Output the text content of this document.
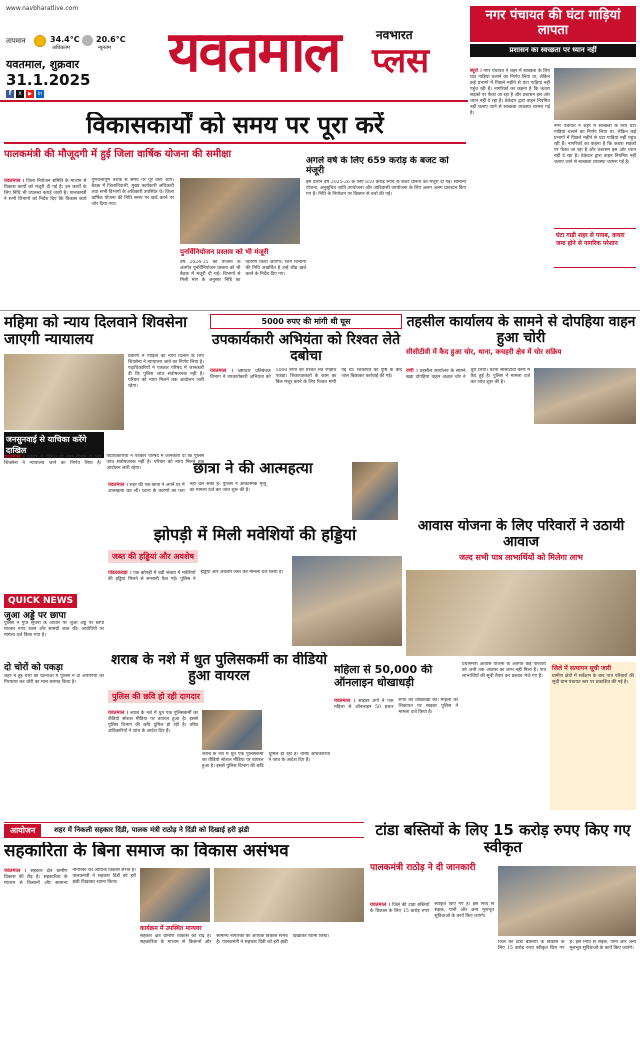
www.navbharatlive.com
तापमान	34.4°C
अधिकतम
20.6°C
न्यूनतम
यवतमाल, शुक्रवार
31.1.2025
f	x	▶	in
यवतमाल	नवभारत
प्लस
नगर पंचायत की घंटा गाड़ियां लापता
प्रशासन का स्वच्छता पर ध्यान नहीं
ब्यूरो । नगर पंचायत ने शहर में स्वच्छता के लिए घंटा गाड़ियां चलाने का निर्णय लिया था, लेकिन कई प्रभागों में पिछले महीने से घंटा गाड़ियां नहीं पहुंच रही हैं। नागरिकों का कहना है कि कचरा सड़कों पर फेंका जा रहा है और प्रशासन इस ओर ध्यान नहीं दे रहा है। ठेकेदार द्वारा वाहन नियमित नहीं चलाए जाने से स्वच्छता व्यवस्था चरमरा गई है।
नगर पंचायत ने शहर में स्वच्छता के लिए घंटा गाड़ियां चलाने का निर्णय लिया था, लेकिन कई प्रभागों में पिछले महीने से घंटा गाड़ियां नहीं पहुंच रही हैं। नागरिकों का कहना है कि कचरा सड़कों पर फेंका जा रहा है और प्रशासन इस ओर ध्यान नहीं दे रहा है। ठेकेदार द्वारा वाहन नियमित नहीं चलाए जाने से स्वच्छता व्यवस्था चरमरा गई है।
घंटा गाड़ी शहर से गायब, कचरा जमा होने से नागरिक परेशान
विकासकार्यों को समय पर पूरा करें
पालकमंत्री की मौजूदगी में हुई जिला वार्षिक योजना की समीक्षा
यवतमाल । जिला नियोजन समिति के माध्यम से विकास कार्यों को मंजूरी दी गई है। इन कार्यों के लिए निधि भी उपलब्ध कराई जाती है। पालकमंत्री ने सभी विभागों को निर्देश दिए कि विकास कार्य गुणवत्तापूर्ण तरीके से समय पर पूरे किए जाएं। बैठक में जिलाधिकारी, मुख्य कार्यकारी अधिकारी तथा सभी विभागों के अधिकारी उपस्थित थे। जिला वार्षिक योजना की निधि समय पर खर्च करने पर जोर दिया गया।
अगले वर्ष के लिए 659 करोड़ के बजट को मंजूरी
इस दौरान वर्ष 2025-26 के लिए 659 करोड़ रुपये के बजट प्रारूप को मंजूरी दी गई। सामान्य योजना, अनुसूचित जाति उपयोजना और आदिवासी उपयोजना के लिए अलग अलग प्रावधान किए गए हैं। निधि के नियोजन पर विस्तार से चर्चा की गई।
पुनर्विनियोजन प्रस्ताव को भी मंजूरी
वर्ष 2024-25 की योजना के अंतर्गत पुनर्विनियोजन प्रस्ताव को भी बैठक में मंजूरी दी गई। विभागों से मिली मांग के अनुसार निधि का वितरण किया जाएगा। जिन विभागों की निधि अखर्चित है उन्हें शीघ्र खर्च करने के निर्देश दिए गए।
महिमा को न्याय दिलवाने शिवसेना जाएगी न्यायालय
जनसुनवाई से याचिका करेंगे दाखिल
यवतमाल । प्रकरण में पीड़िता को न्याय दिलाने के लिए शिवसेना ने न्यायालय जाने का निर्णय लिया है। पदाधिकारियों ने पत्रकार परिषद में जानकारी दी कि पुलिस जांच संतोषजनक नहीं है। परिवार को न्याय मिलने तक आंदोलन जारी रहेगा।
प्रकरण में पीड़िता को न्याय दिलाने के लिए शिवसेना ने न्यायालय जाने का निर्णय लिया है। पदाधिकारियों ने पत्रकार परिषद में जानकारी दी कि पुलिस जांच संतोषजनक नहीं है। परिवार को न्याय मिलने तक आंदोलन जारी रहेगा।
QUICK NEWS
जुआ अड्डे पर छापा
पुलिस ने गुप्त सूचना के आधार पर जुआ अड्डे पर छापा मारकर नगद रकम और सामग्री जब्त की। आरोपियों पर मामला दर्ज किया गया है।
दो चोरों को पकड़ा
शहर में हुई चोरी की घटनाओं में पुलिस ने दो आरोपियों को गिरफ्तार कर चोरी का माल बरामद किया है।
5000 रुपए की मांगी थी घूस
उपकार्यकारी अभियंता को रिश्वत लेते दबोचा
यवतमाल । भ्रष्टाचार प्रतिबंधक विभाग ने उपकार्यकारी अभियंता को 5000 रुपए की रिश्वत लेते रंगेहाथ पकड़ा। शिकायतकर्ता के काम का बिल मंजूर करने के लिए रिश्वत मांगी गई थी। शिकायत की पुष्टि के बाद जाल बिछाकर कार्रवाई की गई।
तहसील कार्यालय के सामने से दोपहिया वाहन हुआ चोरी
सीसीटीवी में कैद हुआ चोर, थाना, कचहरी क्षेत्र में चोर सक्रिय
वणी । तहसील कार्यालय के सामने खड़ा दोपहिया वाहन अज्ञात चोर ने चुरा लिया। घटना सीसीटीवी कैमरे में कैद हुई है। पुलिस ने मामला दर्ज कर जांच शुरू की है।
छात्रा ने की आत्महत्या
यवतमाल । शहर की एक छात्रा ने अपने घर में आत्महत्या कर ली। घटना के कारणों का पता नहीं चल सका है। पुलिस ने आकस्मिक मृत्यु का मामला दर्ज कर जांच शुरू की है।
आवास योजना के लिए परिवारों ने उठायी आवाज
जल्द सभी पात्र लाभार्थियों को मिलेगा लाभ
झोपड़ी में मिली मवेशियों की हड्डियां
जब्त की हड्डियां और अवशेष
पांढरकवड़ा । एक झोपड़ी में बड़ी संख्या में मवेशियों की हड्डियां मिलने से सनसनी फैल गई। पुलिस ने हड्डियां और अवशेष जब्त कर मामला दर्ज किया है।
शराब के नशे में धुत पुलिसकर्मी का वीडियो हुआ वायरल
पुलिस की छवि हो रही दागदार
यवतमाल । शराब के नशे में धुत एक पुलिसकर्मी का वीडियो सोशल मीडिया पर वायरल हुआ है। इससे पुलिस विभाग की छवि धूमिल हो रही है। वरिष्ठ अधिकारियों ने जांच के आदेश दिए हैं।
शराब के नशे में धुत एक पुलिसकर्मी का वीडियो सोशल मीडिया पर वायरल हुआ है। इससे पुलिस विभाग की छवि धूमिल हो रही है। वरिष्ठ अधिकारियों ने जांच के आदेश दिए हैं।
महिला से 50,000 की ऑनलाइन धोखाधड़ी
यवतमाल । साइबर ठगों ने एक महिला से ऑनलाइन 50 हजार रुपए की धोखाधड़ी की। महिला की शिकायत पर साइबर पुलिस ने मामला दर्ज किया है।
प्रधानमंत्री आवास योजना के अंतर्गत कई परिवारों को अभी तक आवास का लाभ नहीं मिला है। पात्र लाभार्थियों की सूची तैयार कर प्रस्ताव भेजे गए हैं।
जिले में सत्यापन सूची जारी
ग्रामीण क्षेत्रों में सर्वेक्षण के बाद पात्र परिवारों की सूची ग्राम पंचायत स्तर पर प्रकाशित की गई है।
आयोजन	शहर में निकली सहकार दिंडी, पालक मंत्री राठोड़ ने दिंडी को दिखाई हरी झंडी
सहकारिता के बिना समाज का विकास असंभव
यवतमाल । सहकार क्षेत्र ग्रामीण विकास की रीढ़ है। सहकारिता के माध्यम से किसानों और सामान्य नागरिकों का आर्थिक विकास संभव है। पालकमंत्री ने सहकार दिंडी को हरी झंडी दिखाकर रवाना किया।
कार्यक्रम में उपस्थित मान्यवर
सहकार क्षेत्र ग्रामीण विकास की रीढ़ है। सहकारिता के माध्यम से किसानों और सामान्य नागरिकों का आर्थिक विकास संभव है। पालकमंत्री ने सहकार दिंडी को हरी झंडी दिखाकर रवाना किया।
टांडा बस्तियों के लिए 15 करोड़ रुपए किए गए स्वीकृत
पालकमंत्री राठोड़ ने दी जानकारी
यवतमाल । जिले की टांडा बस्तियों के विकास के लिए 15 करोड़ रुपए स्वीकृत किए गए हैं। इस निधि से सड़क, पानी और अन्य मूलभूत सुविधाओं के कार्य किए जाएंगे।
जिले की टांडा बस्तियों के विकास के लिए 15 करोड़ रुपए स्वीकृत किए गए हैं। इस निधि से सड़क, पानी और अन्य मूलभूत सुविधाओं के कार्य किए जाएंगे।
